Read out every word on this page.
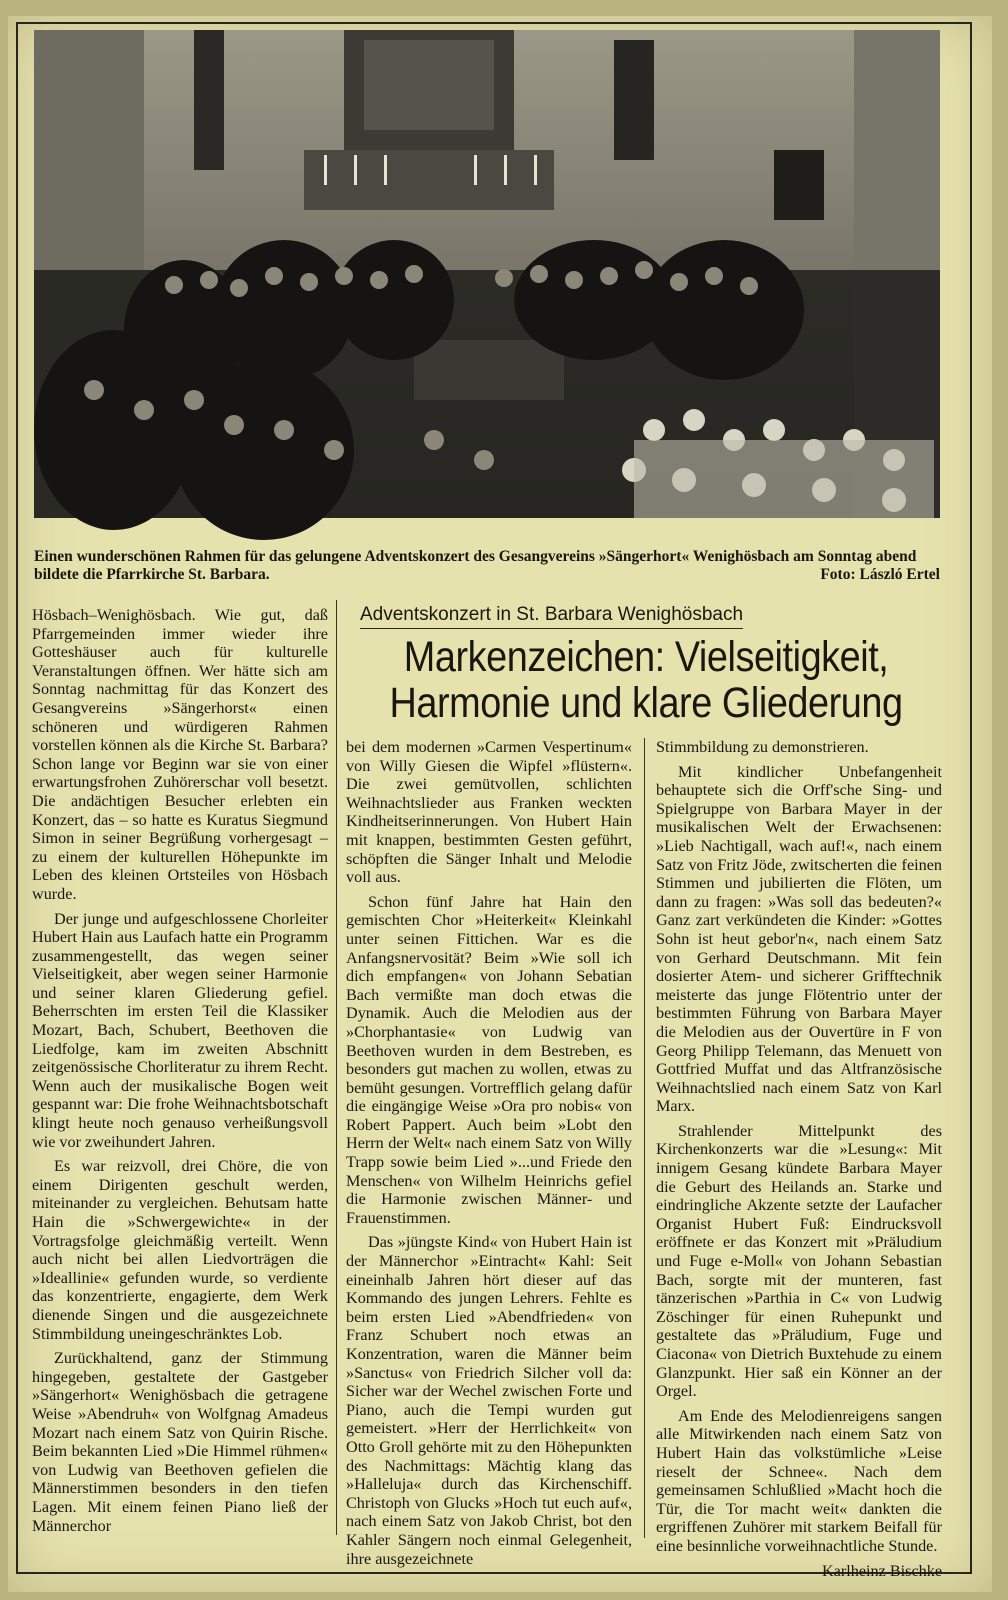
Einen wunderschönen Rahmen für das gelungene Adventskonzert des Gesangvereins »Sängerhort« Wenighösbach am Sonntag abend bildete die Pfarrkirche St. Barbara.	Foto: László Ertel

Hösbach–Wenighösbach. Wie gut, daß Pfarrgemeinden immer wieder ihre Gotteshäuser auch für kulturelle Veranstaltungen öffnen. Wer hätte sich am Sonntag nachmittag für das Konzert des Gesangvereins »Sängerhorst« einen schöneren und würdigeren Rahmen vorstellen können als die Kirche St. Barbara? Schon lange vor Beginn war sie von einer erwartungsfrohen Zuhörerschar voll besetzt. Die andächtigen Besucher erlebten ein Konzert, das – so hatte es Kuratus Siegmund Simon in seiner Begrüßung vorhergesagt – zu einem der kulturellen Höhepunkte im Leben des kleinen Ortsteiles von Hösbach wurde.

Der junge und aufgeschlossene Chorleiter Hubert Hain aus Laufach hatte ein Programm zusammengestellt, das wegen seiner Vielseitigkeit, aber wegen seiner Harmonie und seiner klaren Gliederung gefiel. Beherrschten im ersten Teil die Klassiker Mozart, Bach, Schubert, Beethoven die Liedfolge, kam im zweiten Abschnitt zeitgenössische Chorliteratur zu ihrem Recht. Wenn auch der musikalische Bogen weit gespannt war: Die frohe Weihnachtsbotschaft klingt heute noch genauso verheißungsvoll wie vor zweihundert Jahren.

Es war reizvoll, drei Chöre, die von einem Dirigenten geschult werden, miteinander zu vergleichen. Behutsam hatte Hain die »Schwergewichte« in der Vortragsfolge gleichmäßig verteilt. Wenn auch nicht bei allen Liedvorträgen die »Ideallinie« gefunden wurde, so verdiente das konzentrierte, engagierte, dem Werk dienende Singen und die ausgezeichnete Stimmbildung uneingeschränktes Lob.

Zurückhaltend, ganz der Stimmung hingegeben, gestaltete der Gastgeber »Sängerhort« Wenighösbach die getragene Weise »Abendruh« von Wolfgnag Amadeus Mozart nach einem Satz von Quirin Rische. Beim bekannten Lied »Die Himmel rühmen« von Ludwig van Beethoven gefielen die Männerstimmen besonders in den tiefen Lagen. Mit einem feinen Piano ließ der Männerchor

Adventskonzert in St. Barbara Wenighösbach
Markenzeichen: Vielseitigkeit,
Harmonie und klare Gliederung

bei dem modernen »Carmen Vespertinum« von Willy Giesen die Wipfel »flüstern«. Die zwei gemütvollen, schlichten Weihnachtslieder aus Franken weckten Kindheitserinnerungen. Von Hubert Hain mit knappen, bestimmten Gesten geführt, schöpften die Sänger Inhalt und Melodie voll aus.

Schon fünf Jahre hat Hain den gemischten Chor »Heiterkeit« Kleinkahl unter seinen Fittichen. War es die Anfangsnervosität? Beim »Wie soll ich dich empfangen« von Johann Sebatian Bach vermißte man doch etwas die Dynamik. Auch die Melodien aus der »Chorphantasie« von Ludwig van Beethoven wurden in dem Bestreben, es besonders gut machen zu wollen, etwas zu bemüht gesungen. Vortrefflich gelang dafür die eingängige Weise »Ora pro nobis« von Robert Pappert. Auch beim »Lobt den Herrn der Welt« nach einem Satz von Willy Trapp sowie beim Lied »...und Friede den Menschen« von Wilhelm Heinrichs gefiel die Harmonie zwischen Männer- und Frauenstimmen.

Das »jüngste Kind« von Hubert Hain ist der Männerchor »Eintracht« Kahl: Seit eineinhalb Jahren hört dieser auf das Kommando des jungen Lehrers. Fehlte es beim ersten Lied »Abendfrieden« von Franz Schubert noch etwas an Konzentration, waren die Männer beim »Sanctus« von Friedrich Silcher voll da: Sicher war der Wechel zwischen Forte und Piano, auch die Tempi wurden gut gemeistert. »Herr der Herrlichkeit« von Otto Groll gehörte mit zu den Höhepunkten des Nachmittags: Mächtig klang das »Halleluja« durch das Kirchenschiff. Christoph von Glucks »Hoch tut euch auf«, nach einem Satz von Jakob Christ, bot den Kahler Sängern noch einmal Gelegenheit, ihre ausgezeichnete

Stimmbildung zu demonstrieren.

Mit kindlicher Unbefangenheit behauptete sich die Orff'sche Sing- und Spielgruppe von Barbara Mayer in der musikalischen Welt der Erwachsenen: »Lieb Nachtigall, wach auf!«, nach einem Satz von Fritz Jöde, zwitscherten die feinen Stimmen und jubilierten die Flöten, um dann zu fragen: »Was soll das bedeuten?« Ganz zart verkündeten die Kinder: »Gottes Sohn ist heut gebor'n«, nach einem Satz von Gerhard Deutschmann. Mit fein dosierter Atem- und sicherer Grifftechnik meisterte das junge Flötentrio unter der bestimmten Führung von Barbara Mayer die Melodien aus der Ouvertüre in F von Georg Philipp Telemann, das Menuett von Gottfried Muffat und das Altfranzösische Weihnachtslied nach einem Satz von Karl Marx.

Strahlender Mittelpunkt des Kirchenkonzerts war die »Lesung«: Mit innigem Gesang kündete Barbara Mayer die Geburt des Heilands an. Starke und eindringliche Akzente setzte der Laufacher Organist Hubert Fuß: Eindrucksvoll eröffnete er das Konzert mit »Präludium und Fuge e-Moll« von Johann Sebastian Bach, sorgte mit der munteren, fast tänzerischen »Parthia in C« von Ludwig Zöschinger für einen Ruhepunkt und gestaltete das »Präludium, Fuge und Ciacona« von Dietrich Buxtehude zu einem Glanzpunkt. Hier saß ein Könner an der Orgel.

Am Ende des Melodienreigens sangen alle Mitwirkenden nach einem Satz von Hubert Hain das volkstümliche »Leise rieselt der Schnee«. Nach dem gemeinsamen Schlußlied »Macht hoch die Tür, die Tor macht weit« dankten die ergriffenen Zuhörer mit starkem Beifall für eine besinnliche vorweihnachtliche Stunde.

Karlheinz Bischke
